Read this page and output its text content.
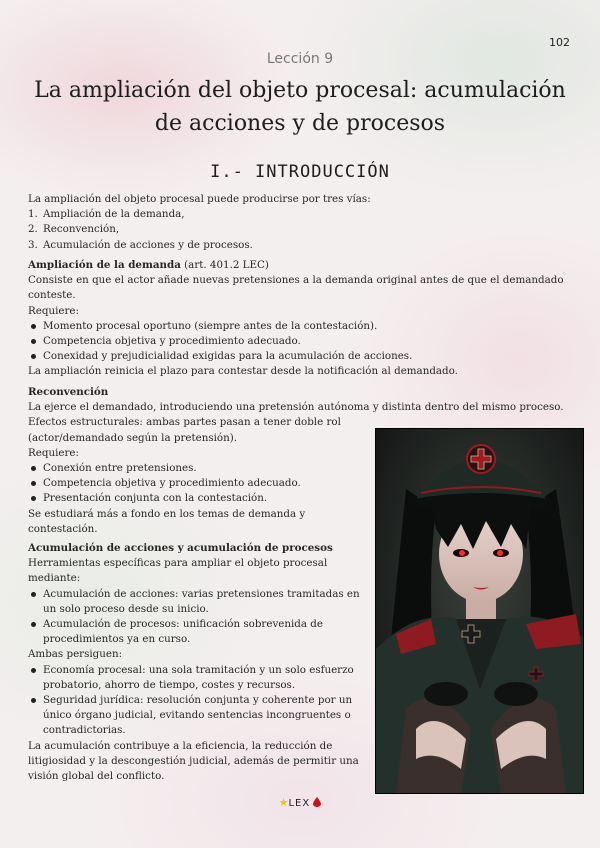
102
Lección 9
La ampliación del objeto procesal: acumulación de acciones y de procesos
I.- INTRODUCCIÓN
La ampliación del objeto procesal puede producirse por tres vías:
1. Ampliación de la demanda,
2. Reconvención,
3. Acumulación de acciones y de procesos.
Ampliación de la demanda (art. 401.2 LEC)
Consiste en que el actor añade nuevas pretensiones a la demanda original antes de que el demandado
conteste.
Requiere:
Momento procesal oportuno (siempre antes de la contestación).
Competencia objetiva y procedimiento adecuado.
Conexidad y prejudicialidad exigidas para la acumulación de acciones.
La ampliación reinicia el plazo para contestar desde la notificación al demandado.
Reconvención
La ejerce el demandado, introduciendo una pretensión autónoma y distinta dentro del mismo proceso.
Efectos estructurales: ambas partes pasan a tener doble rol
(actor/demandado según la pretensión).
Requiere:
Conexión entre pretensiones.
Competencia objetiva y procedimiento adecuado.
Presentación conjunta con la contestación.
Se estudiará más a fondo en los temas de demanda y
contestación.
Acumulación de acciones y acumulación de procesos
Herramientas específicas para ampliar el objeto procesal
mediante:
Acumulación de acciones: varias pretensiones tramitadas en
un solo proceso desde su inicio.
Acumulación de procesos: unificación sobrevenida de
procedimientos ya en curso.
Ambas persiguen:
Economía procesal: una sola tramitación y un solo esfuerzo
probatorio, ahorro de tiempo, costes y recursos.
Seguridad jurídica: resolución conjunta y coherente por un
único órgano judicial, evitando sentencias incongruentes o
contradictorias.
La acumulación contribuye a la eficiencia, la reducción de
litigiosidad y la descongestión judicial, además de permitir una
visión global del conflicto.
★LEX
